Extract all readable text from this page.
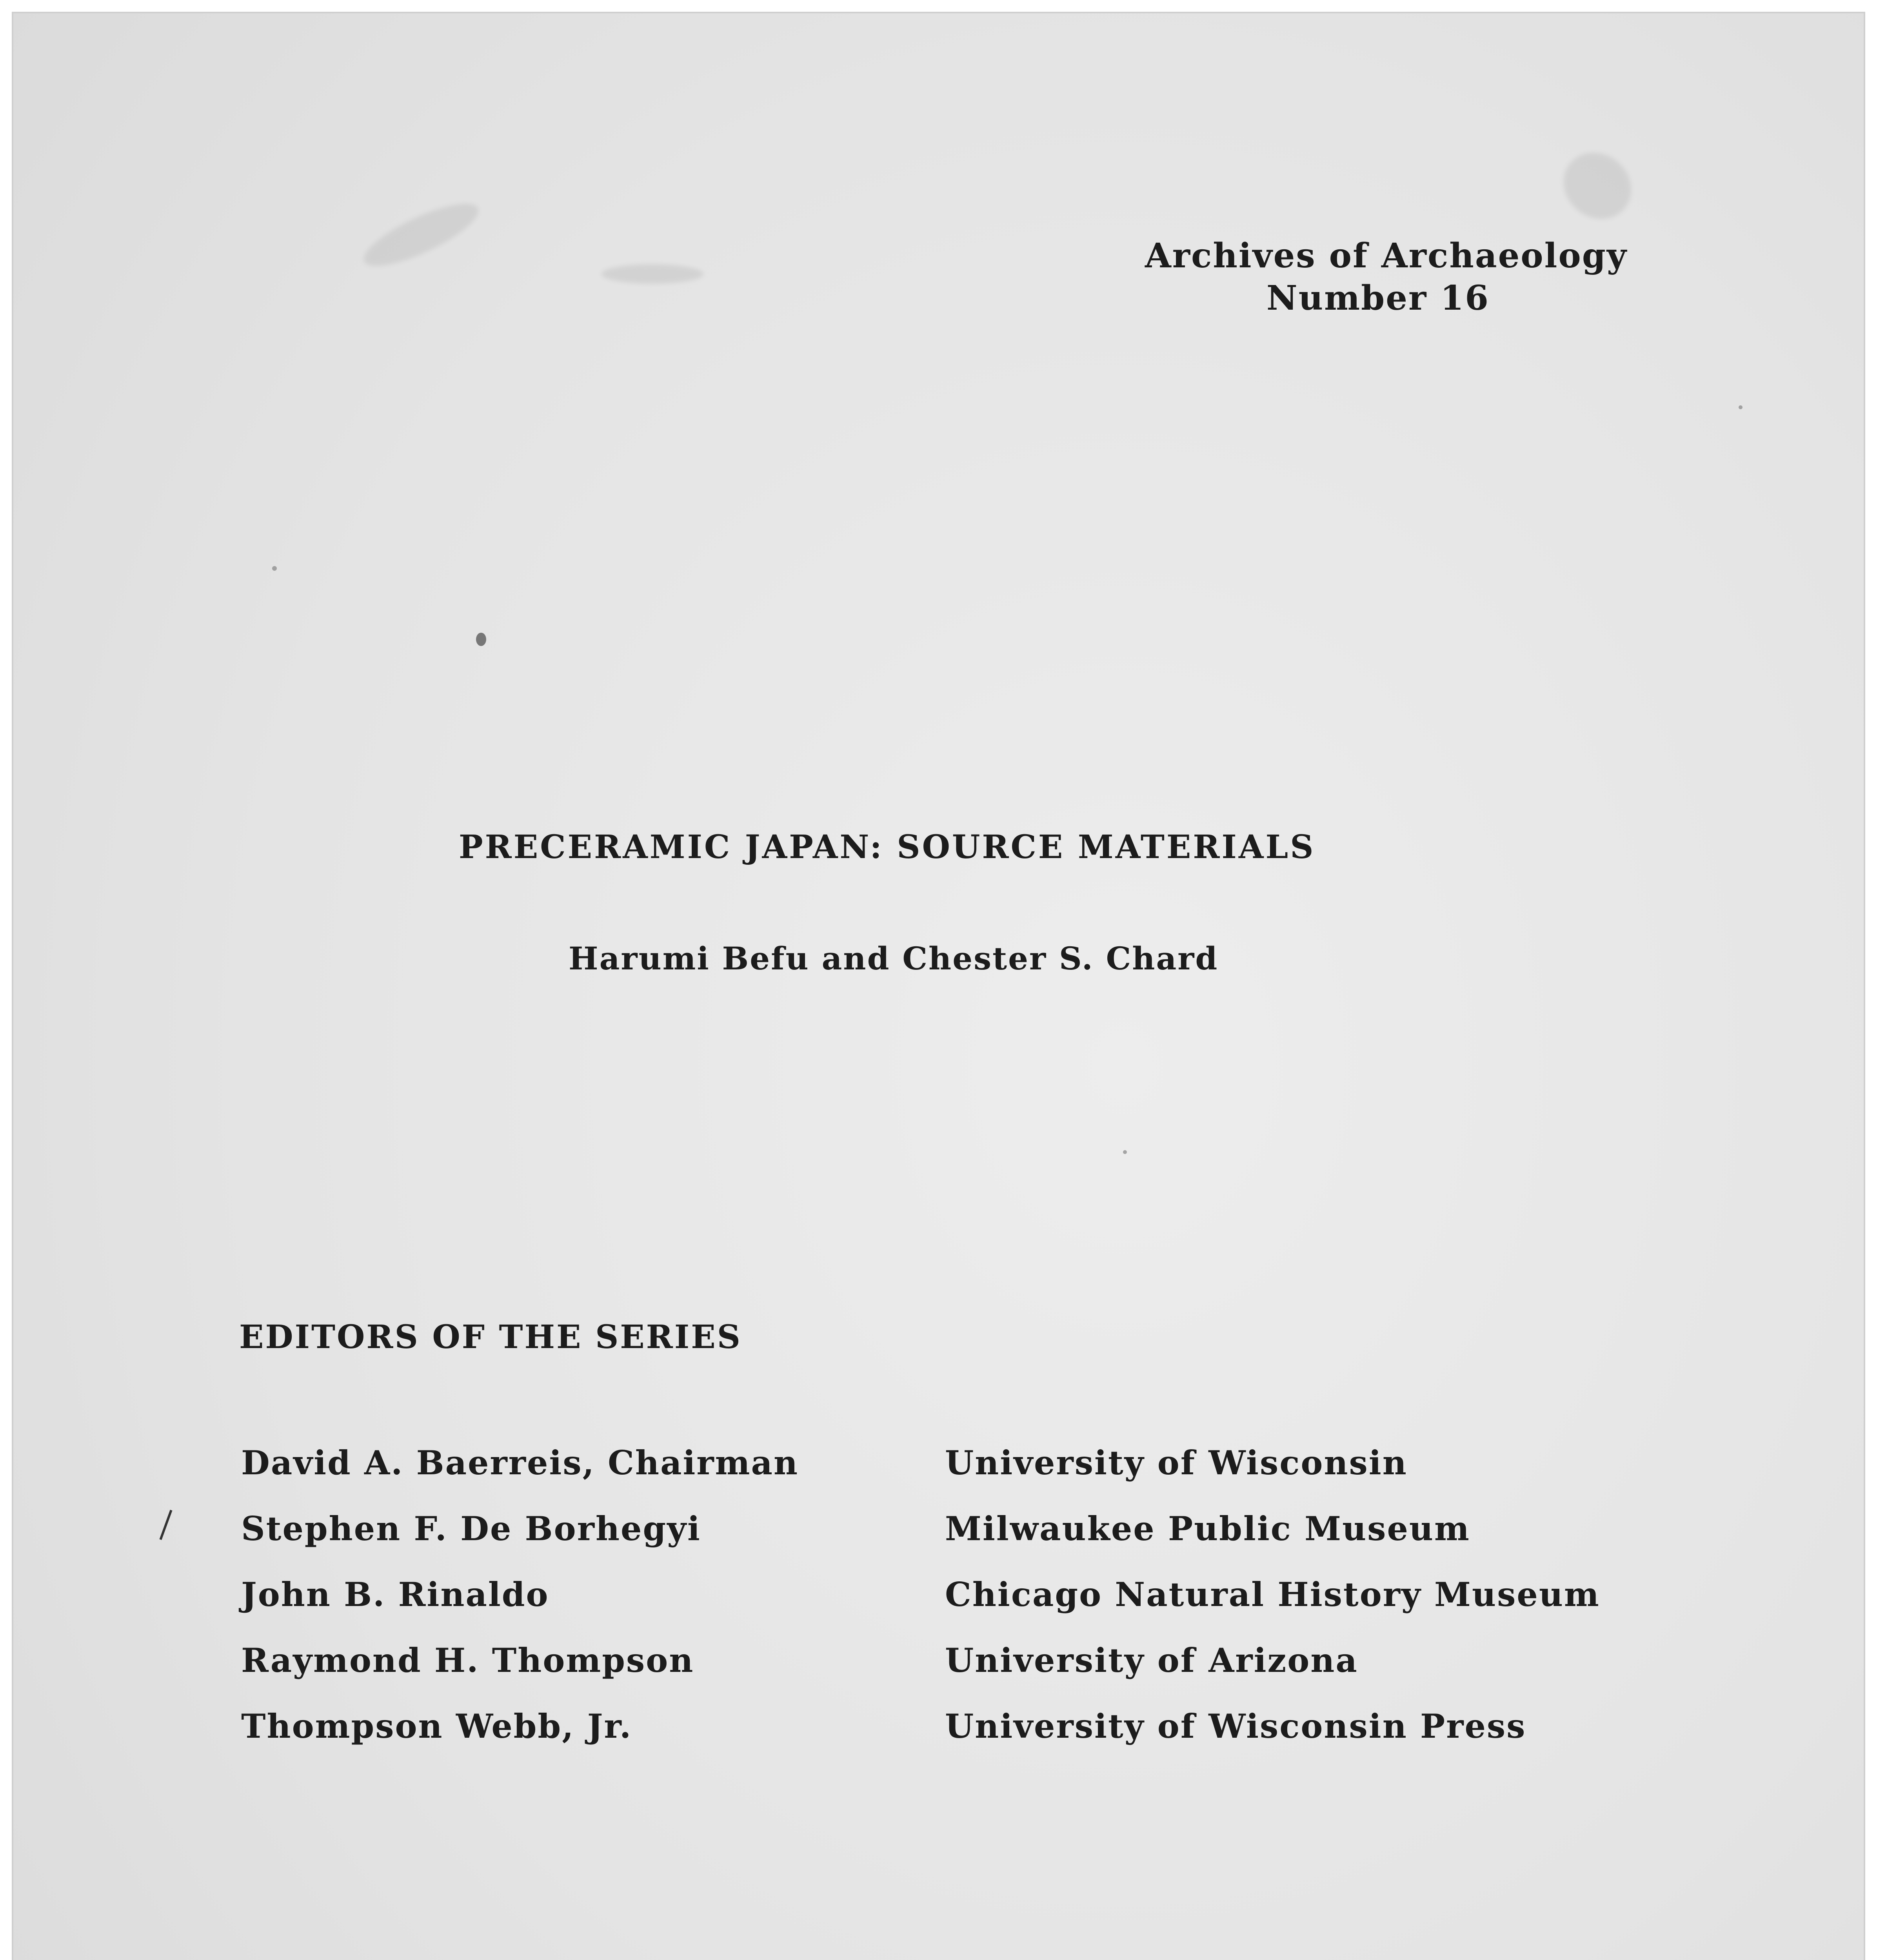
Archives of Archaeology

Number 16

PRECERAMIC JAPAN: SOURCE MATERIALS

Harumi Befu and Chester S. Chard

EDITORS OF THE SERIES
David A. Baerreis, Chairman	University of Wisconsin
Stephen F. De Borhegyi	Milwaukee Public Museum
John B. Rinaldo	Chicago Natural History Museum
Raymond H. Thompson	University of Arizona
Thompson Webb, Jr.	University of Wisconsin Press
